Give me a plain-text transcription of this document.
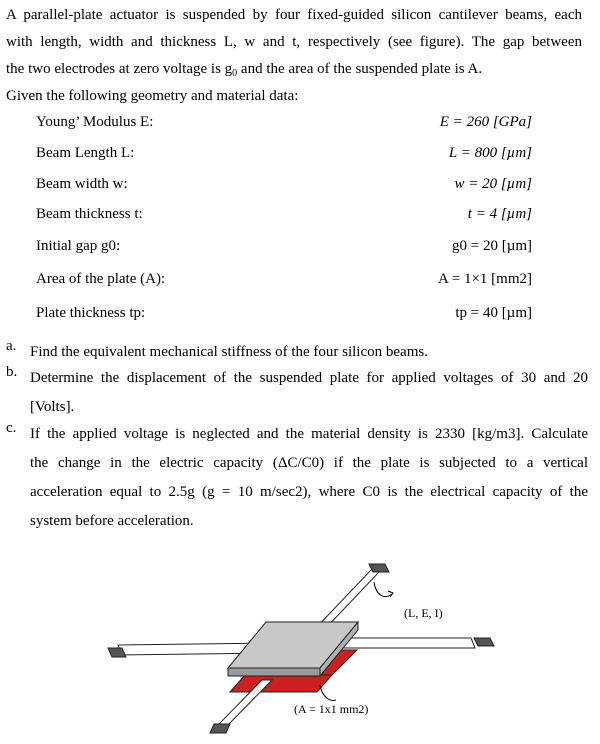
A parallel-plate actuator is suspended by four fixed-guided silicon cantilever beams, each
with length, width and thickness L, w and t, respectively (see figure). The gap between
the two electrodes at zero voltage is $g_0$ and the area of the suspended plate is A.
Given the following geometry and material data:
Young’ Modulus E:	E = 260 [GPa]
Beam Length L:	L = 800 [µm]
Beam width w:	w = 20 [µm]
Beam thickness t:	t = 4 [µm]
Initial gap g0:	g0 = 20 [µm]
Area of the plate (A):	A = 1×1 [mm2]
Plate thickness tp:	tp = 40 [µm]
a. Find the equivalent mechanical stiffness of the four silicon beams.
b. Determine the displacement of the suspended plate for applied voltages of 30 and 20
[Volts].
c. If the applied voltage is neglected and the material density is 2330 [kg/m3]. Calculate
the change in the electric capacity (ΔC/C0) if the plate is subjected to a vertical
acceleration equal to 2.5g (g = 10 m/sec2), where C0 is the electrical capacity of the
system before acceleration.
(L, E, I)
(A = 1x1 mm2)
